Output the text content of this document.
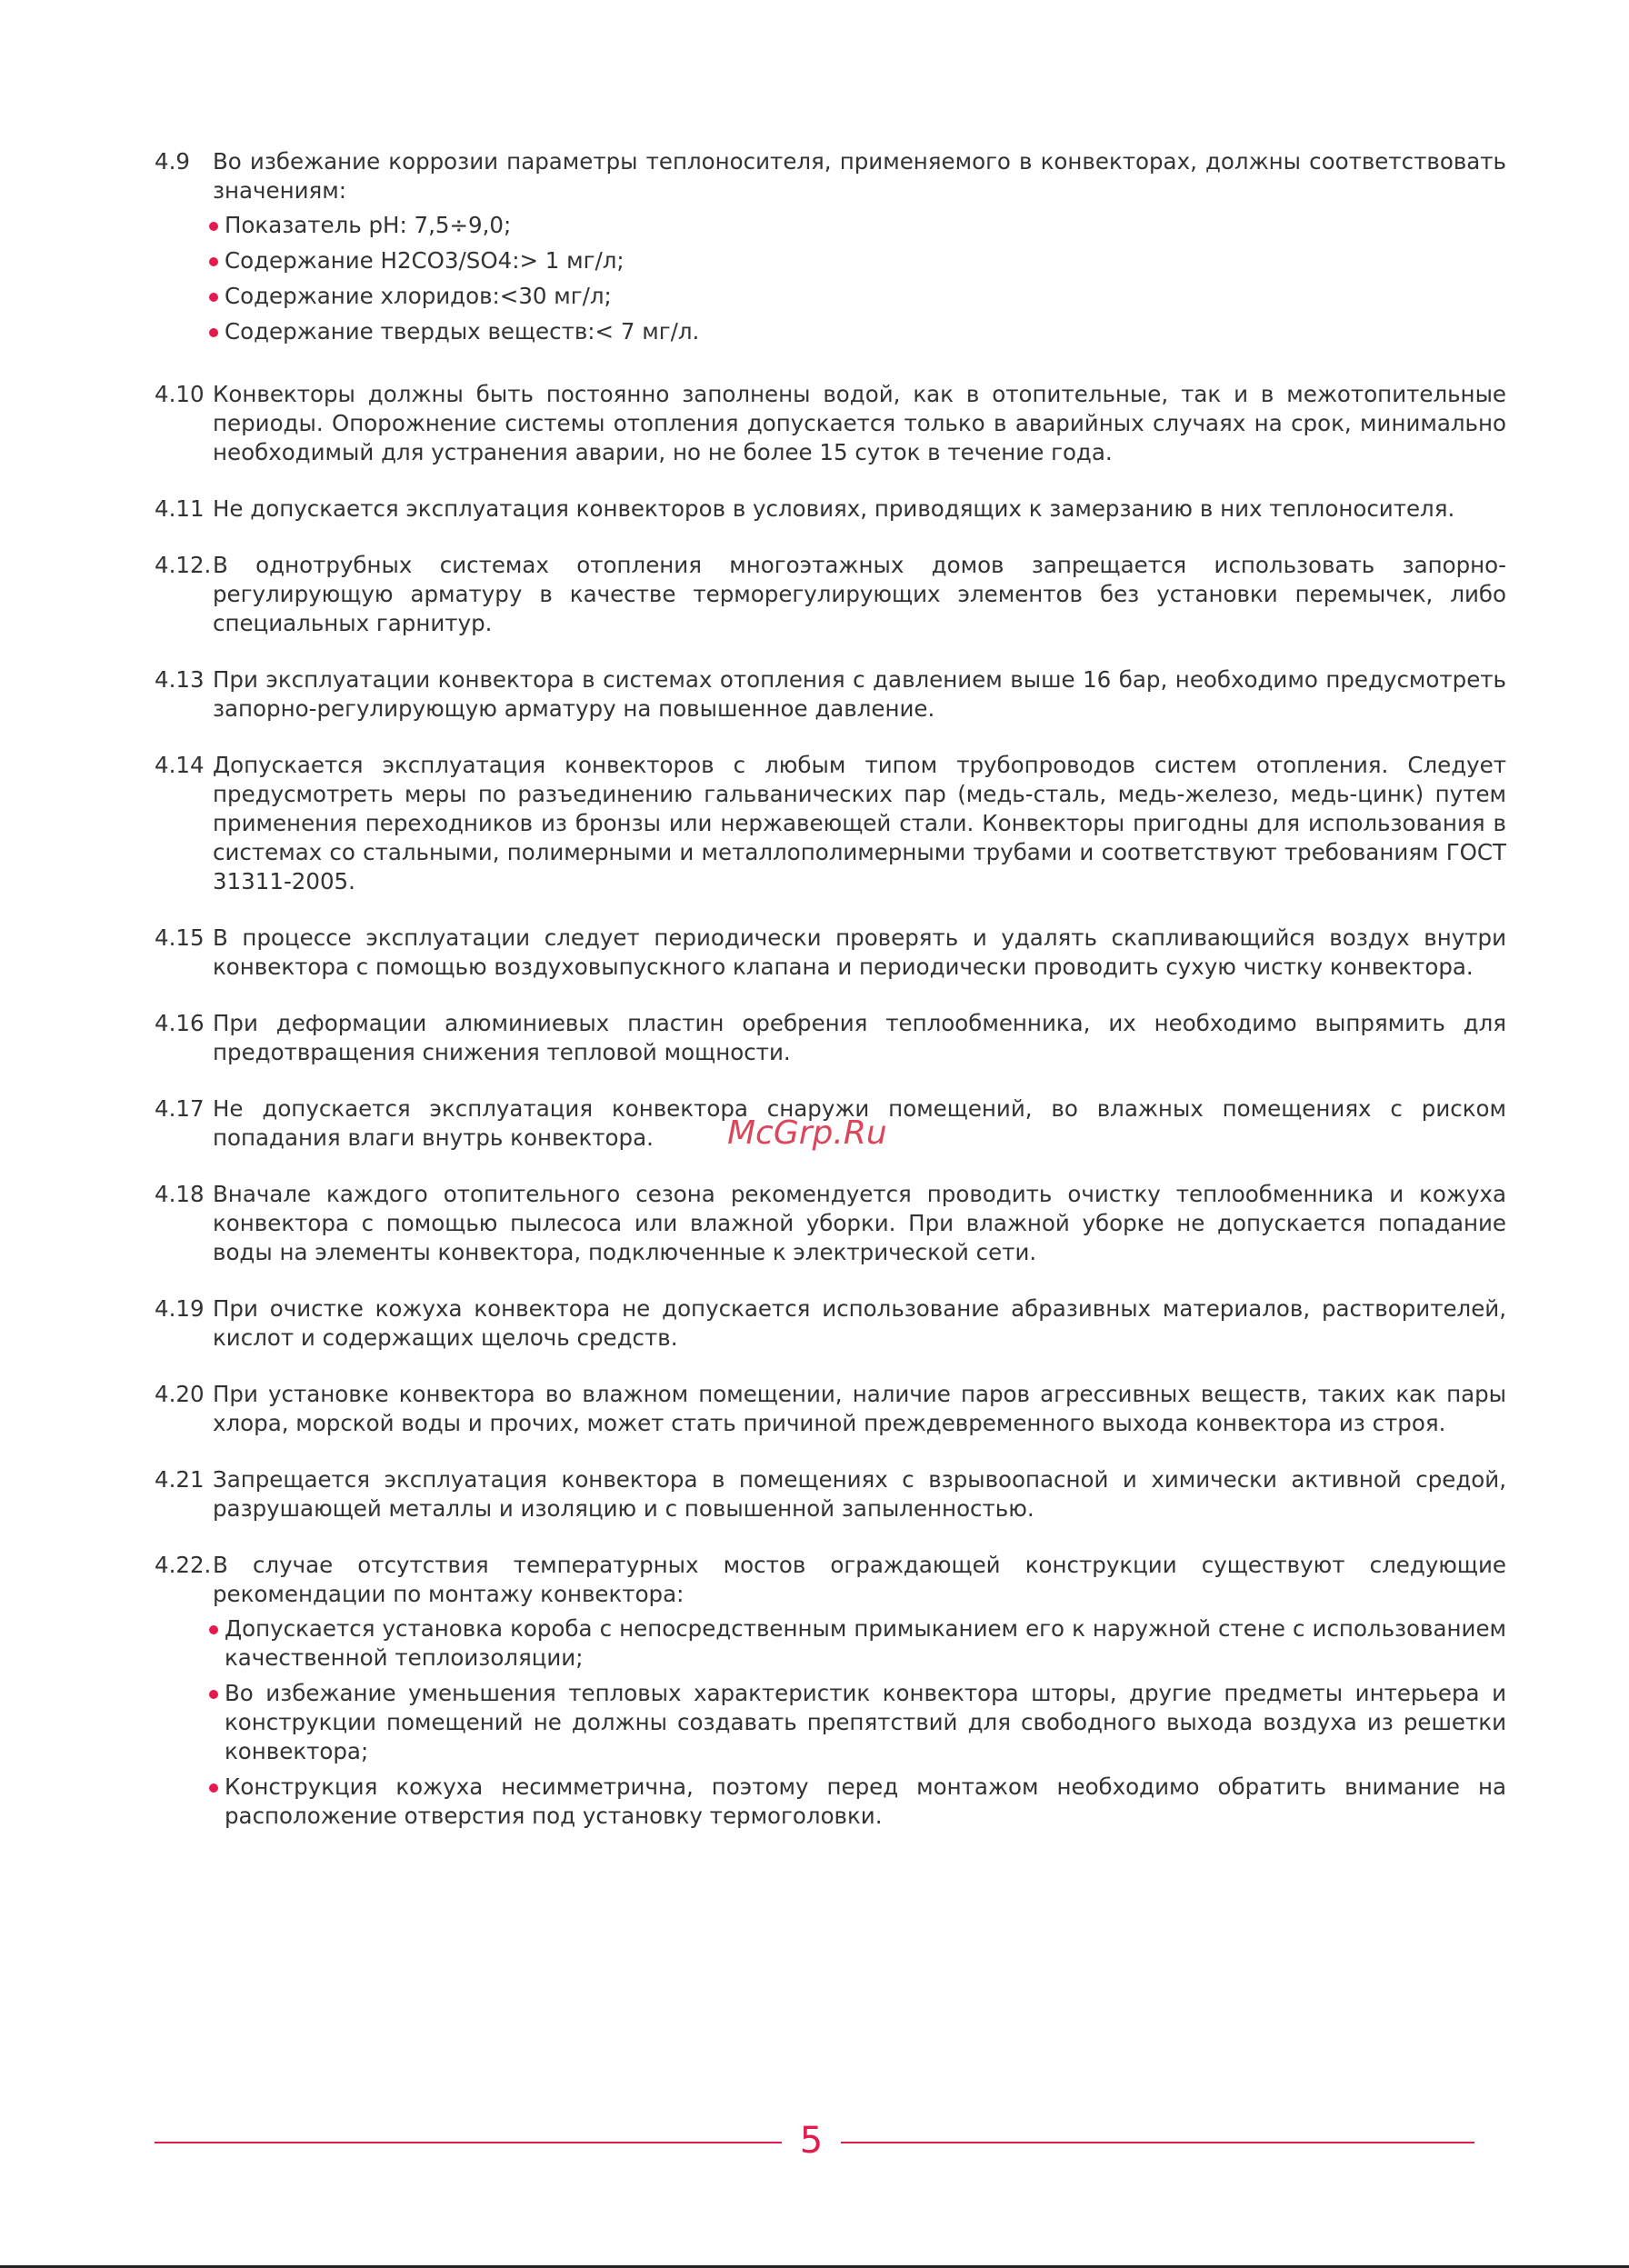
4.9	Во избежание коррозии параметры теплоносителя, применяемого в конвекторах, должны соответствовать значениям:
Показатель pH: 7,5÷9,0;
Содержание H2CO3/SO4:> 1 мг/л;
Содержание хлоридов:<30 мг/л;
Содержание твердых веществ:< 7 мг/л.
4.10 Конвекторы должны быть постоянно заполнены водой, как в отопительные, так и в межотопительные периоды. Опорожнение системы отопления допускается только в аварийных случаях на срок, минимально необходимый для устранения аварии, но не более 15 суток в течение года.
4.11 Не допускается эксплуатация конвекторов в условиях, приводящих к замерзанию в них теплоносителя.
4.12. В однотрубных системах отопления многоэтажных домов запрещается использовать запорно-регулирующую арматуру в качестве терморегулирующих элементов без установки перемычек, либо специальных гарнитур.
4.13 При эксплуатации конвектора в системах отопления с давлением выше 16 бар, необходимо предусмотреть запорно-регулирующую арматуру на повышенное давление.
4.14 Допускается эксплуатация конвекторов с любым типом трубопроводов систем отопления. Следует предусмотреть меры по разъединению гальванических пар (медь-сталь, медь-железо, медь-цинк) путем применения переходников из бронзы или нержавеющей стали. Конвекторы пригодны для использования в системах со стальными, полимерными и металлополимерными трубами и соответствуют требованиям ГОСТ 31311-2005.
4.15 В процессе эксплуатации следует периодически проверять и удалять скапливающийся воздух внутри конвектора с помощью воздуховыпускного клапана и периодически проводить сухую чистку конвектора.
4.16 При деформации алюминиевых пластин оребрения теплообменника, их необходимо выпрямить для предотвращения снижения тепловой мощности.
4.17 Не допускается эксплуатация конвектора снаружи помещений, во влажных помещениях с риском попадания влаги внутрь конвектора.
4.18 Вначале каждого отопительного сезона рекомендуется проводить очистку теплообменника и кожуха конвектора с помощью пылесоса или влажной уборки. При влажной уборке не допускается попадание воды на элементы конвектора, подключенные к электрической сети.
4.19 При очистке кожуха конвектора не допускается использование абразивных материалов, растворителей, кислот и содержащих щелочь средств.
4.20 При установке конвектора во влажном помещении, наличие паров агрессивных веществ, таких как пары хлора, морской воды и прочих, может стать причиной преждевременного выхода конвектора из строя.
4.21 Запрещается эксплуатация конвектора в помещениях с взрывоопасной и химически активной средой, разрушающей металлы и изоляцию и с повышенной запыленностью.
4.22. В случае отсутствия температурных мостов ограждающей конструкции существуют следующие рекомендации по монтажу конвектора:
Допускается установка короба с непосредственным примыканием его к наружной стене с использованием качественной теплоизоляции;
Во избежание уменьшения тепловых характеристик конвектора шторы, другие предметы интерьера и конструкции помещений не должны создавать препятствий для свободного выхода воздуха из решетки конвектора;
Конструкция кожуха несимметрична, поэтому перед монтажом необходимо обратить внимание на расположение отверстия под установку термоголовки.
McGrp.Ru
5
